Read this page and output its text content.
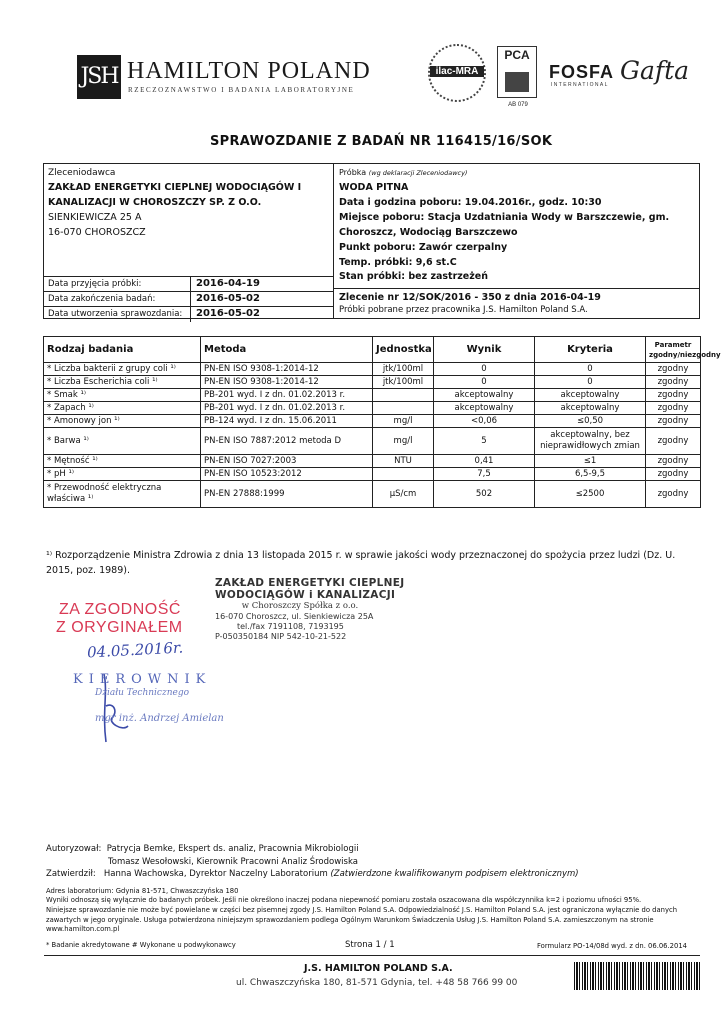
JSH HAMILTON POLAND
RZECZOZNAWSTWO I BADANIA LABORATORYJNE
ilac-MRA
PCA
AB 079
FOSFA
INTERNATIONAL Gafta
SPRAWOZDANIE Z BADAŃ NR 116415/16/SOK
Zleceniodawca
ZAKŁAD ENERGETYKI CIEPLNEJ WODOCIĄGÓW I
KANALIZACJI W CHOROSZCZY SP. Z O.O.
SIENKIEWICZA 25 A
16-070 CHOROSZCZ
Data przyjęcia próbki:	2016-04-19
Data zakończenia badań:	2016-05-02
Data utworzenia sprawozdania: 2016-05-02
Próbka (wg deklaracji Zleceniodawcy)
WODA PITNA
Data i godzina poboru: 19.04.2016r., godz. 10:30
Miejsce poboru: Stacja Uzdatniania Wody w Barszczewie, gm.
Choroszcz, Wodociąg Barszczewo
Punkt poboru: Zawór czerpalny
Temp. próbki: 9,6 st.C
Stan próbki: bez zastrzeżeń
Zlecenie nr 12/SOK/2016 - 350 z dnia 2016-04-19
Próbki pobrane przez pracownika J.S. Hamilton Poland S.A.
Rodzaj badania	Metoda	Jednostka	Wynik	Kryteria	Parametr zgodny/niezgodny
* Liczba bakterii z grupy coli ¹⁾	PN-EN ISO 9308-1:2014-12	jtk/100ml	0	0	zgodny
* Liczba Escherichia coli ¹⁾	PN-EN ISO 9308-1:2014-12	jtk/100ml	0	0	zgodny
* Smak ¹⁾	PB-201 wyd. I z dn. 01.02.2013 r.		akceptowalny	akceptowalny	zgodny
* Zapach ¹⁾	PB-201 wyd. I z dn. 01.02.2013 r.		akceptowalny	akceptowalny	zgodny
* Amonowy jon ¹⁾	PB-124 wyd. I z dn. 15.06.2011	mg/l	<0,06	≤0,50	zgodny
* Barwa ¹⁾	PN-EN ISO 7887:2012 metoda D	mg/l	5	akceptowalny, bez nieprawidłowych zmian	zgodny
* Mętność ¹⁾	PN-EN ISO 7027:2003	NTU	0,41	≤1	zgodny
* pH ¹⁾	PN-EN ISO 10523:2012		7,5	6,5-9,5	zgodny
* Przewodność elektryczna właściwa ¹⁾	PN-EN 27888:1999	µS/cm	502	≤2500	zgodny
¹⁾ Rozporządzenie Ministra Zdrowia z dnia 13 listopada 2015 r. w sprawie jakości wody przeznaczonej do spożycia przez ludzi (Dz. U. 2015, poz. 1989).
ZAKŁAD ENERGETYKI CIEPLNEJ
WODOCIĄGÓW i KANALIZACJI
w Choroszczy Spółka z o.o.
16-070 Choroszcz, ul. Sienkiewicza 25A
tel./fax 7191108, 7193195
P-050350184 NIP 542-10-21-522
ZA ZGODNOŚĆ
Z ORYGINAŁEM
04.05.2016r.
KIEROWNIK
Działu Technicznego
mgr inż. Andrzej Amielan
Autoryzował: Patrycja Bemke, Ekspert ds. analiz, Pracownia Mikrobiologii
Tomasz Wesołowski, Kierownik Pracowni Analiz Środowiska
Zatwierdził: Hanna Wachowska, Dyrektor Naczelny Laboratorium (Zatwierdzone kwalifikowanym podpisem elektronicznym)
Adres laboratorium: Gdynia 81-571, Chwaszczyńska 180
Wyniki odnoszą się wyłącznie do badanych próbek. Jeśli nie określono inaczej podana niepewność pomiaru została oszacowana dla współczynnika k=2 i poziomu ufności 95%.
Niniejsze sprawozdanie nie może być powielane w części bez pisemnej zgody J.S. Hamilton Poland S.A. Odpowiedzialność J.S. Hamilton Poland S.A. jest ograniczona wyłącznie do danych zawartych w jego oryginale. Usługa potwierdzona niniejszym sprawozdaniem podlega Ogólnym Warunkom Świadczenia Usług J.S. Hamilton Poland S.A. zamieszczonym na stronie www.hamilton.com.pl
* Badanie akredytowane # Wykonane u podwykonawcy	Strona 1 / 1	Formularz PO-14/08d wyd. z dn. 06.06.2014
J.S. HAMILTON POLAND S.A.
ul. Chwaszczyńska 180, 81-571 Gdynia, tel. +48 58 766 99 00
